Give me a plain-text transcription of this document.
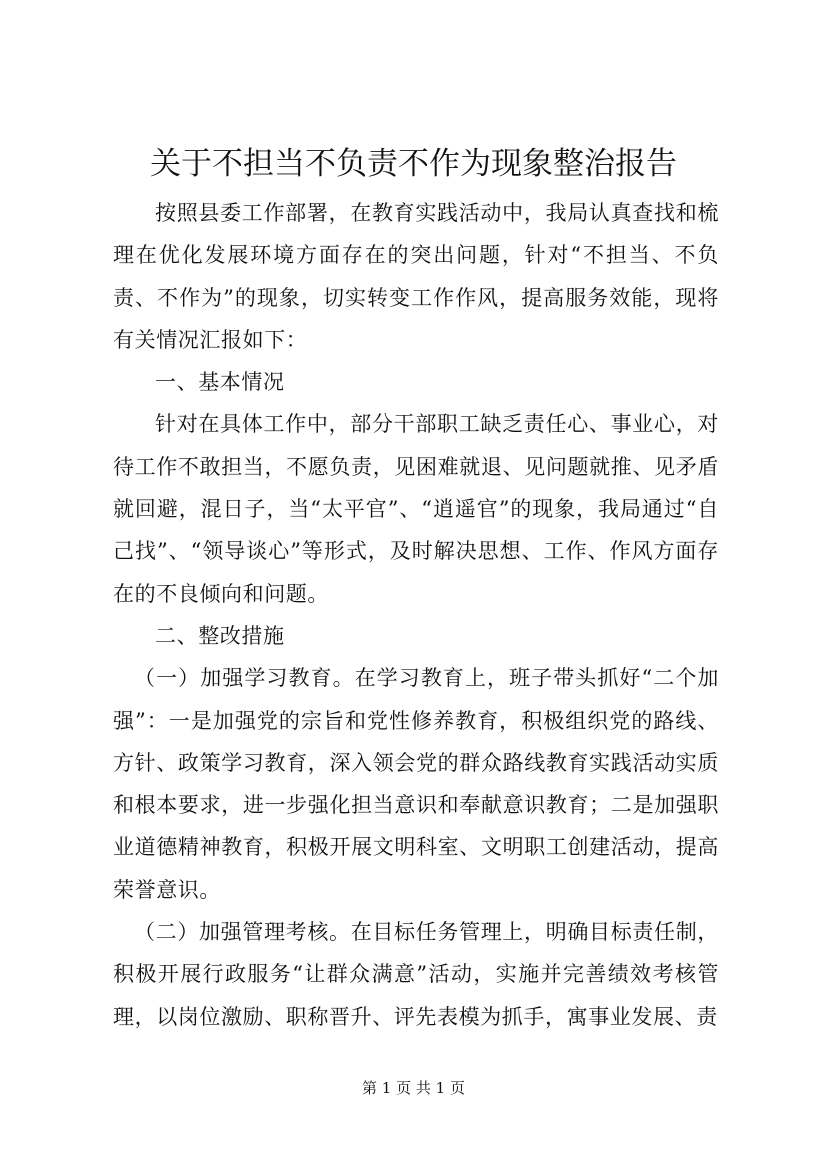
关于不担当不负责不作为现象整治报告

按照县委工作部署，在教育实践活动中，我局认真查找和梳理在优化发展环境方面存在的突出问题，针对“不担当、不负责、不作为”的现象，切实转变工作作风，提高服务效能，现将有关情况汇报如下：

一、基本情况

针对在具体工作中，部分干部职工缺乏责任心、事业心，对待工作不敢担当，不愿负责，见困难就退、见问题就推、见矛盾就回避，混日子，当“太平官”、“逍遥官”的现象，我局通过“自己找”、“领导谈心”等形式，及时解决思想、工作、作风方面存在的不良倾向和问题。

二、整改措施

（一）加强学习教育。在学习教育上，班子带头抓好“二个加强”：一是加强党的宗旨和党性修养教育，积极组织党的路线、方针、政策学习教育，深入领会党的群众路线教育实践活动实质和根本要求，进一步强化担当意识和奉献意识教育；二是加强职业道德精神教育，积极开展文明科室、文明职工创建活动，提高荣誉意识。

（二）加强管理考核。在目标任务管理上，明确目标责任制，积极开展行政服务“让群众满意”活动，实施并完善绩效考核管理，以岗位激励、职称晋升、评先表模为抓手，寓事业发展、责

第 1 页 共 1 页
